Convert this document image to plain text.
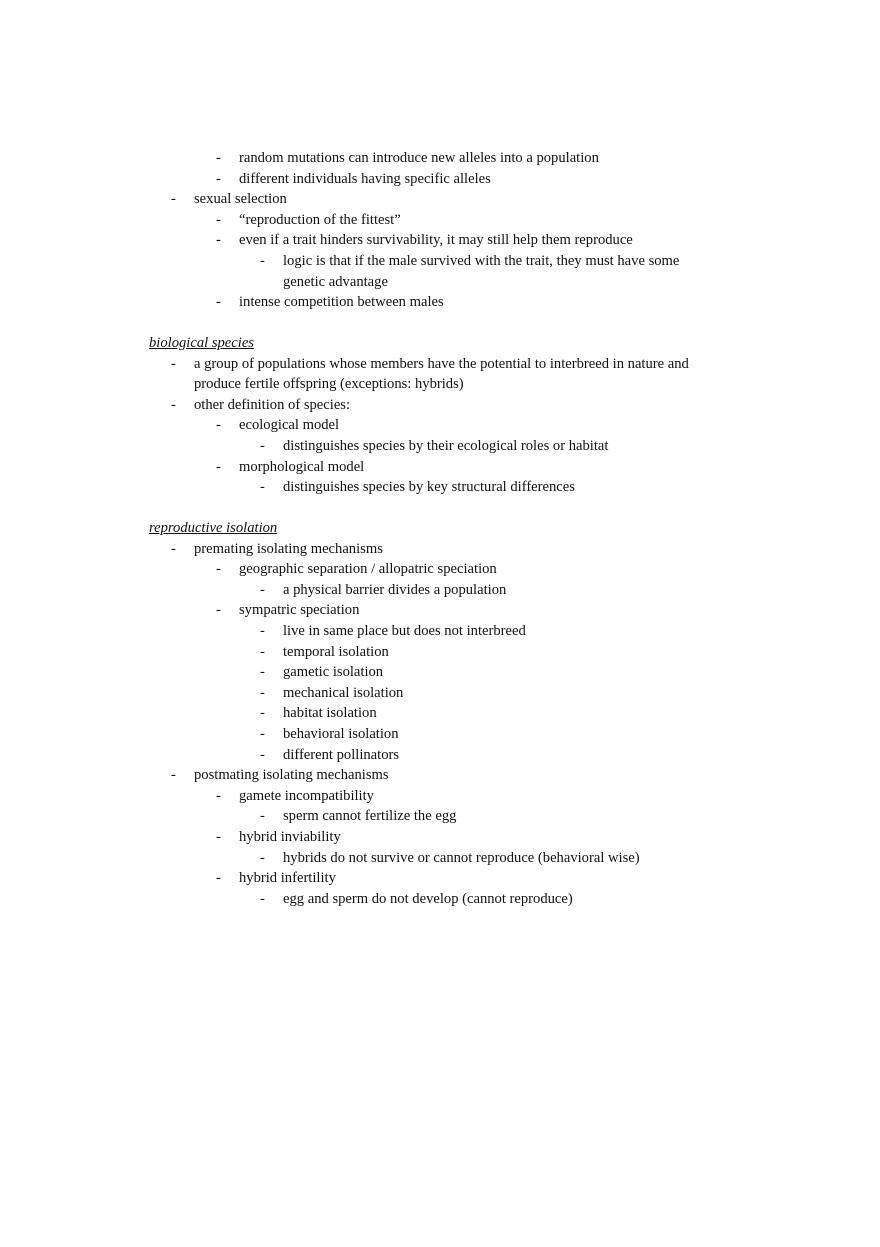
- random mutations can introduce new alleles into a population
- different individuals having specific alleles
- sexual selection
- “reproduction of the fittest”
- even if a trait hinders survivability, it may still help them reproduce
- logic is that if the male survived with the trait, they must have some
genetic advantage
- intense competition between males
biological species
- a group of populations whose members have the potential to interbreed in nature and
produce fertile offspring (exceptions: hybrids)
- other definition of species:
- ecological model
- distinguishes species by their ecological roles or habitat
- morphological model
- distinguishes species by key structural differences
reproductive isolation
- premating isolating mechanisms
- geographic separation / allopatric speciation
- a physical barrier divides a population
- sympatric speciation
- live in same place but does not interbreed
- temporal isolation
- gametic isolation
- mechanical isolation
- habitat isolation
- behavioral isolation
- different pollinators
- postmating isolating mechanisms
- gamete incompatibility
- sperm cannot fertilize the egg
- hybrid inviability
- hybrids do not survive or cannot reproduce (behavioral wise)
- hybrid infertility
- egg and sperm do not develop (cannot reproduce)
